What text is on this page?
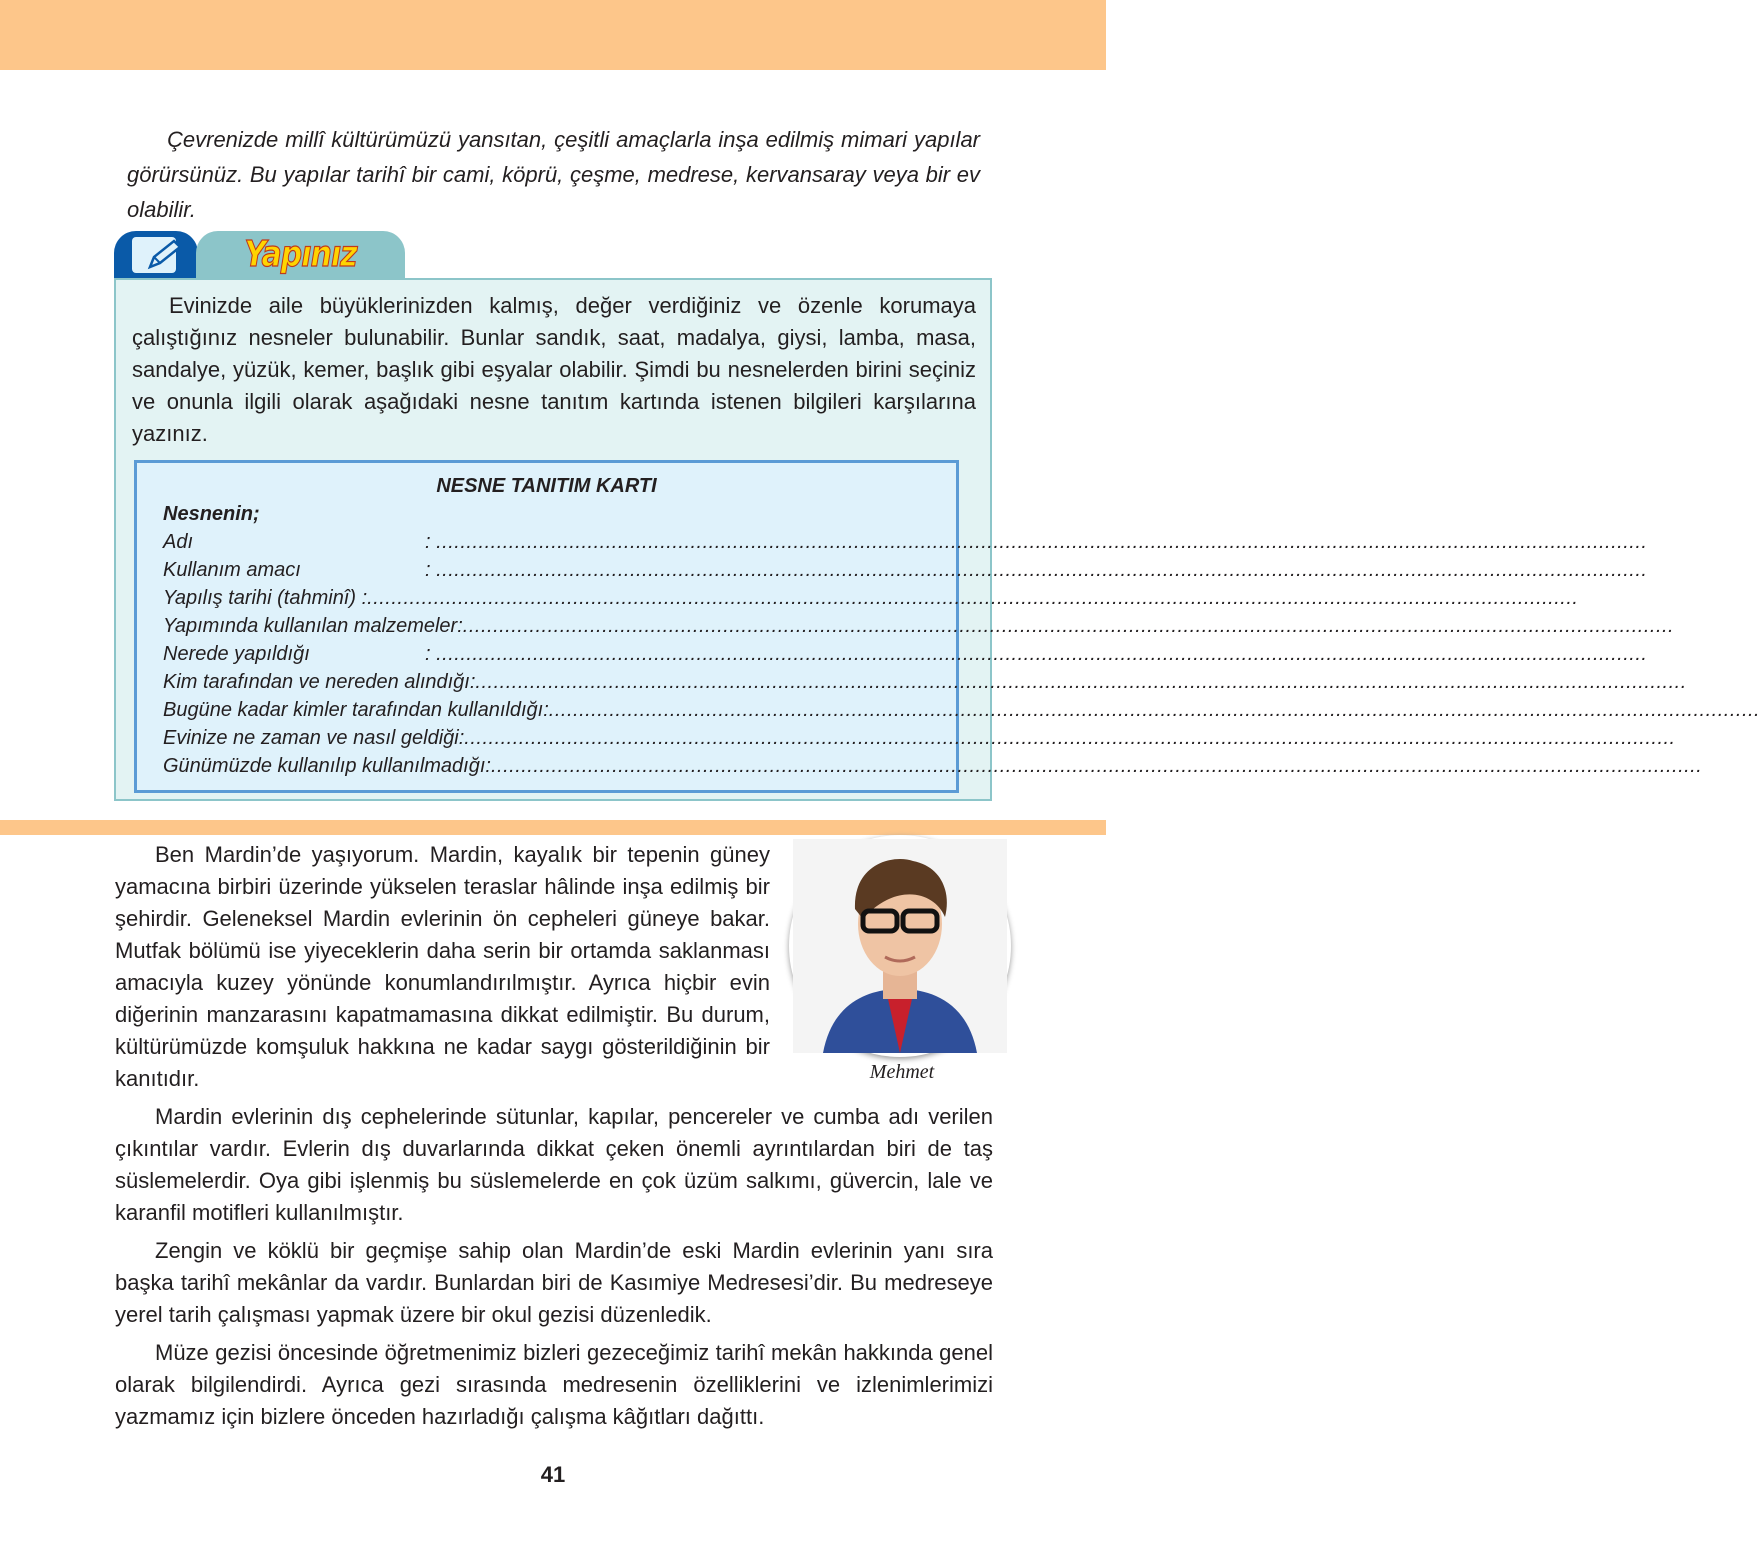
Çevrenizde millî kültürümüzü yansıtan, çeşitli amaçlarla inşa edilmiş mimari yapılar görürsünüz. Bu yapılar tarihî bir cami, köprü, çeşme, medrese, kervansaray veya bir ev olabilir.

Yapınız

Evinizde aile büyüklerinizden kalmış, değer verdiğiniz ve özenle korumaya çalıştığınız nesneler bulunabilir. Bunlar sandık, saat, madalya, giysi, lamba, masa, sandalye, yüzük, kemer, başlık gibi eşyalar olabilir. Şimdi bu nesnelerden birini seçiniz ve onunla ilgili olarak aşağıdaki nesne tanıtım kartında istenen bilgileri karşılarına yazınız.

NESNE TANITIM KARTI
Nesnenin;
Adı	: ........................................................................................................................................................................................................
Kullanım amacı	: ........................................................................................................................................................................................................
Yapılış tarihi (tahminî) :........................................................................................................................................................................................................
Yapımında kullanılan malzemeler:........................................................................................................................................................................................................
Nerede yapıldığı	: ........................................................................................................................................................................................................
Kim tarafından ve nereden alındığı:........................................................................................................................................................................................................
Bugüne kadar kimler tarafından kullanıldığı:........................................................................................................................................................................................................
Evinize ne zaman ve nasıl geldiği:........................................................................................................................................................................................................
Günümüzde kullanılıp kullanılmadığı:........................................................................................................................................................................................................

Ben Mardin’de yaşıyorum. Mardin, kayalık bir tepenin güney yamacına birbiri üzerinde yükselen teraslar hâlinde inşa edilmiş bir şehirdir. Geleneksel Mardin evlerinin ön cepheleri güneye bakar. Mutfak bölümü ise yiyeceklerin daha serin bir ortamda saklanması amacıyla kuzey yönünde konumlandırılmıştır. Ayrıca hiçbir evin diğerinin manzarasını kapatmamasına dikkat edilmiştir. Bu durum, kültürümüzde komşuluk hakkına ne kadar saygı gösterildiğinin bir kanıtıdır.	Mehmet

Mardin evlerinin dış cephelerinde sütunlar, kapılar, pencereler ve cumba adı verilen çıkıntılar vardır. Evlerin dış duvarlarında dikkat çeken önemli ayrıntılardan biri de taş süslemelerdir. Oya gibi işlenmiş bu süslemelerde en çok üzüm salkımı, güvercin, lale ve karanfil motifleri kullanılmıştır.

Zengin ve köklü bir geçmişe sahip olan Mardin’de eski Mardin evlerinin yanı sıra başka tarihî mekânlar da vardır. Bunlardan biri de Kasımiye Medresesi’dir. Bu medreseye yerel tarih çalışması yapmak üzere bir okul gezisi düzenledik.

Müze gezisi öncesinde öğretmenimiz bizleri gezeceğimiz tarihî mekân hakkında genel olarak bilgilendirdi. Ayrıca gezi sırasında medresenin özelliklerini ve izlenimlerimizi yazmamız için bizlere önceden hazırladığı çalışma kâğıtları dağıttı.

41
